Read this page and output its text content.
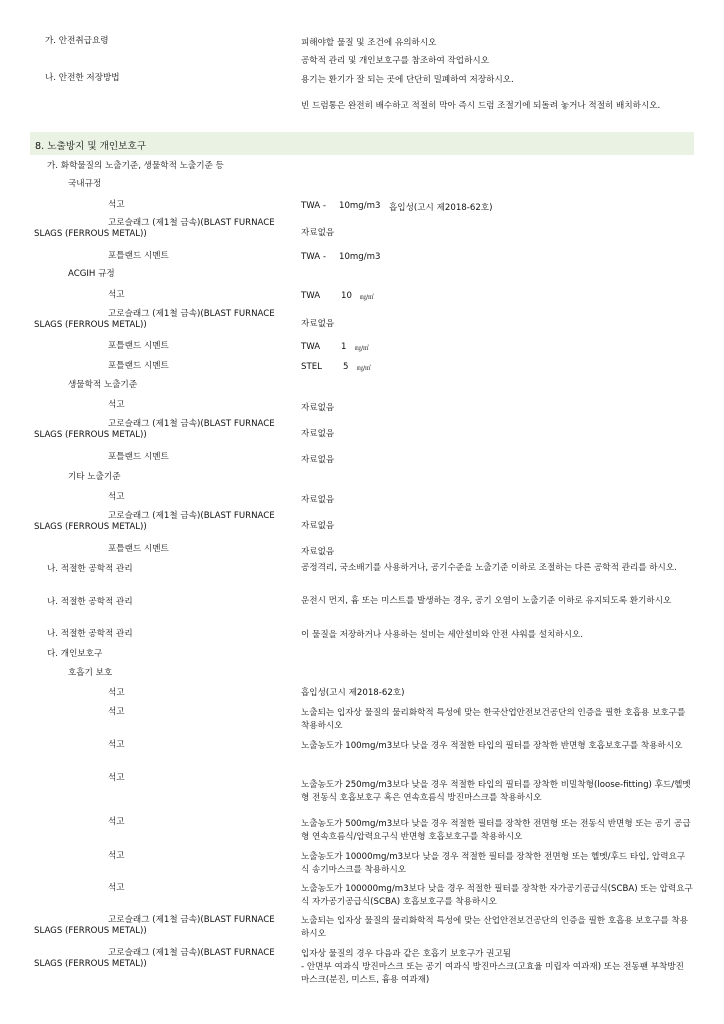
가. 안전취급요령	피해야할 물질 및 조건에 유의하시오
공학적 관리 및 개인보호구를 참조하여 작업하시오
나. 안전한 저장방법	용기는 환기가 잘 되는 곳에 단단히 밀폐하여 저장하시오.
빈 드럼통은 완전히 배수하고 적절히 막아 즉시 드럼 조절기에 되돌려 놓거나 적절히 배치하시오.
8. 노출방지 및 개인보호구
가. 화학물질의 노출기준, 생물학적 노출기준 등
국내규정
석고	TWA - 10mg/m3 흡입성(고시 제2018-62호)
고로슬래그 (제1철 금속)(BLAST FURNACE
SLAGS (FERROUS METAL))	자료없음
포틀랜드 시멘트	TWA - 10mg/m3
ACGIH 규정
석고	TWA 10 ㎎/㎥
고로슬래그 (제1철 금속)(BLAST FURNACE
SLAGS (FERROUS METAL))	자료없음
포틀랜드 시멘트	TWA 1 ㎎/㎥
포틀랜드 시멘트	STEL 5 ㎎/㎥
생물학적 노출기준
석고	자료없음
고로슬래그 (제1철 금속)(BLAST FURNACE
SLAGS (FERROUS METAL))	자료없음
포틀랜드 시멘트	자료없음
기타 노출기준
석고	자료없음
고로슬래그 (제1철 금속)(BLAST FURNACE
SLAGS (FERROUS METAL))	자료없음
포틀랜드 시멘트	자료없음
나. 적절한 공학적 관리	공정격리, 국소배기를 사용하거나, 공기수준을 노출기준 이하로 조절하는 다른 공학적 관리를 하시오.
나. 적절한 공학적 관리	운전시 먼지, 흄 또는 미스트를 발생하는 경우, 공기 오염이 노출기준 이하로 유지되도록 환기하시오
나. 적절한 공학적 관리	이 물질을 저장하거나 사용하는 설비는 세안설비와 안전 샤워를 설치하시오.
다. 개인보호구
호흡기 보호
석고	흡입성(고시 제2018-62호)
석고	노출되는 입자상 물질의 물리화학적 특성에 맞는 한국산업안전보건공단의 인증을 필한 호흡용 보호구를 착용하시오
석고	노출농도가 100mg/m3보다 낮을 경우 적절한 타입의 필터를 장착한 반면형 호흡보호구를 착용하시오
석고
노출농도가 250mg/m3보다 낮을 경우 적절한 타입의 필터를 장착한 비밀착형(loose-fitting) 후드/헬멧형 전동식 호흡보호구 혹은 연속흐름식 방진마스크를 착용하시오
석고	노출농도가 500mg/m3보다 낮을 경우 적절한 필터를 장착한 전면형 또는 전동식 반면형 또는 공기 공급형 연속흐름식/압력요구식 반면형 호흡보호구를 착용하시오
석고	노출농도가 10000mg/m3보다 낮을 경우 적절한 필터를 장착한 전면형 또는 헬멧/후드 타입, 압력요구식 송기마스크를 착용하시오
석고	노출농도가 100000mg/m3보다 낮을 경우 적절한 필터를 장착한 자가공기공급식(SCBA) 또는 압력요구식 자가공기공급식(SCBA) 호흡보호구를 착용하시오
고로슬래그 (제1철 금속)(BLAST FURNACE
SLAGS (FERROUS METAL))
노출되는 입자상 물질의 물리화학적 특성에 맞는 산업안전보건공단의 인증을 필한 호흡용 보호구를 착용하시오
고로슬래그 (제1철 금속)(BLAST FURNACE
SLAGS (FERROUS METAL))
입자상 물질의 경우 다음과 같은 호흡기 보호구가 권고됨
- 안면부 여과식 방진마스크 또는 공기 여과식 방진마스크(고효율 미립자 여과재) 또는 전동팬 부착방진 마스크(분진, 미스트, 흄용 여과재)
